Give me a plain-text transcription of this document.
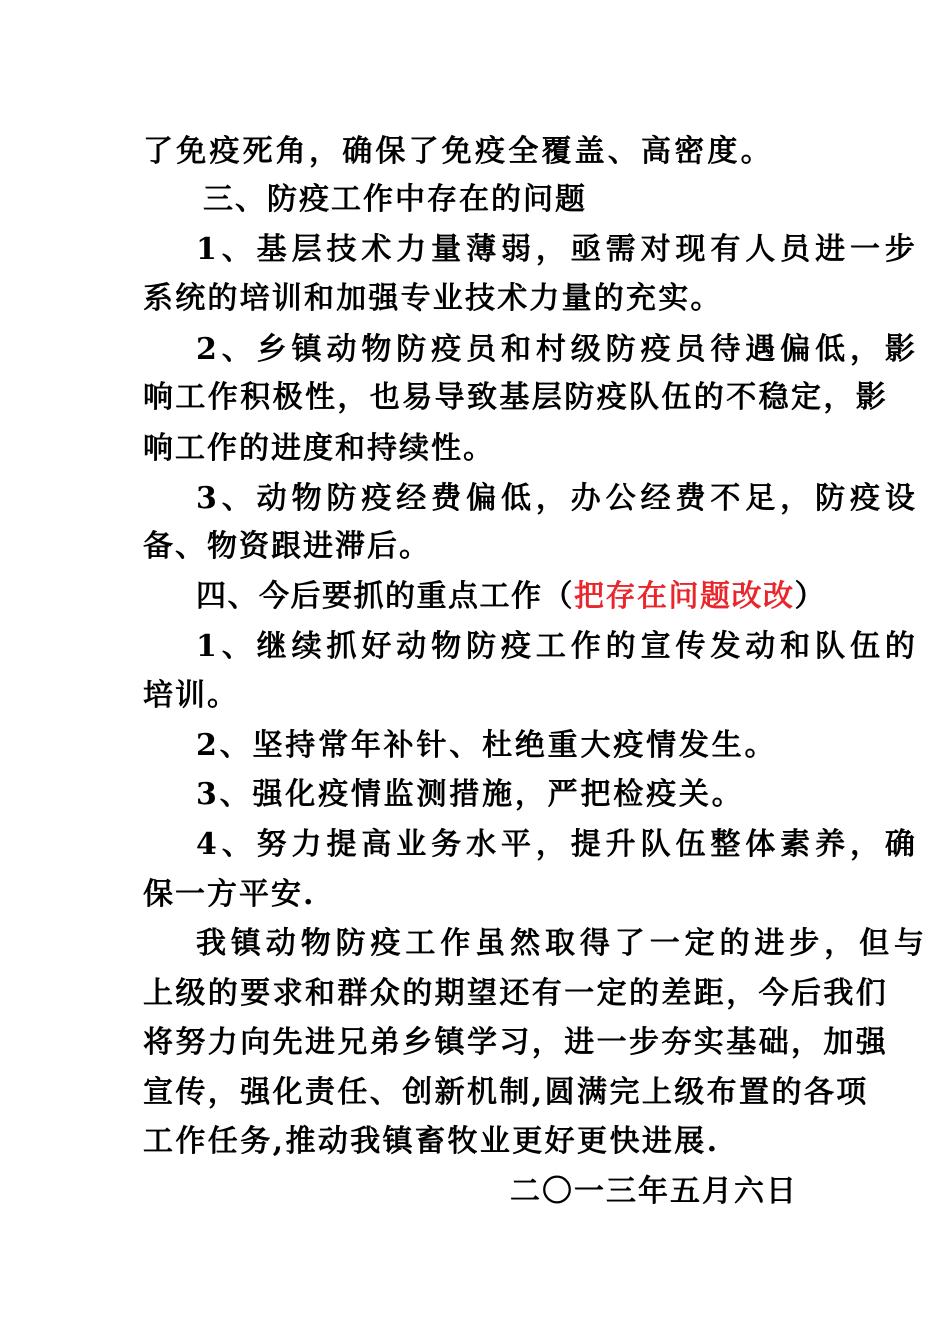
了免疫死角，确保了免疫全覆盖、高密度。
三、防疫工作中存在的问题
1、基层技术力量薄弱，亟需对现有人员进一步
系统的培训和加强专业技术力量的充实。
2、乡镇动物防疫员和村级防疫员待遇偏低，影
响工作积极性，也易导致基层防疫队伍的不稳定，影
响工作的进度和持续性。
3、动物防疫经费偏低，办公经费不足，防疫设
备、物资跟进滞后。
四、今后要抓的重点工作（把存在问题改改）
1、继续抓好动物防疫工作的宣传发动和队伍的
培训。
2、坚持常年补针、杜绝重大疫情发生。
3、强化疫情监测措施，严把检疫关。
4、努力提高业务水平，提升队伍整体素养，确
保一方平安.
我镇动物防疫工作虽然取得了一定的进步，但与
上级的要求和群众的期望还有一定的差距，今后我们
将努力向先进兄弟乡镇学习，进一步夯实基础，加强
宣传，强化责任、创新机制,圆满完上级布置的各项
工作任务,推动我镇畜牧业更好更快进展.
二〇一三年五月六日
